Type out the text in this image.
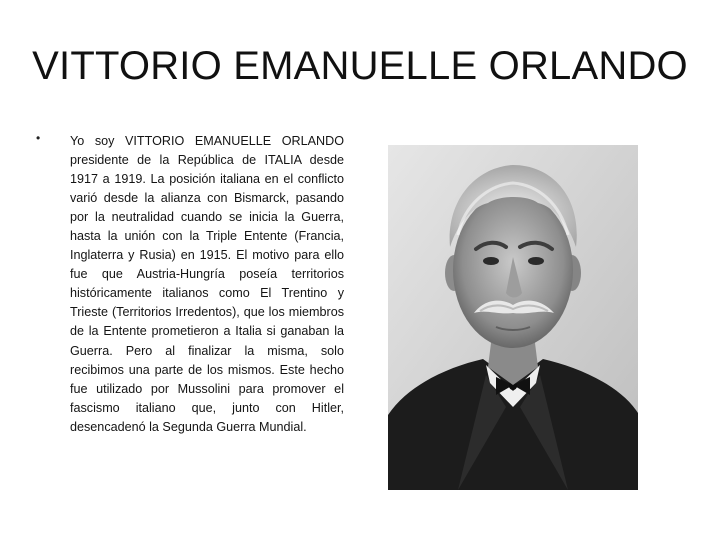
VITTORIO EMANUELLE ORLANDO
•	Yo soy VITTORIO EMANUELLE ORLANDO presidente de la República de ITALIA desde 1917 a 1919. La posición italiana en el conflicto varió desde la alianza con Bismarck, pasando por la neutralidad cuando se inicia la Guerra, hasta la unión con la Triple Entente (Francia, Inglaterra y Rusia) en 1915. El motivo para ello fue que Austria-Hungría poseía territorios históricamente italianos como El Trentino y Trieste (Territorios Irredentos), que los miembros de la Entente prometieron a Italia si ganaban la Guerra. Pero al finalizar la misma, solo recibimos una parte de los mismos. Este hecho fue utilizado por Mussolini para promover el fascismo italiano que, junto con Hitler, desencadenó la Segunda Guerra Mundial.
